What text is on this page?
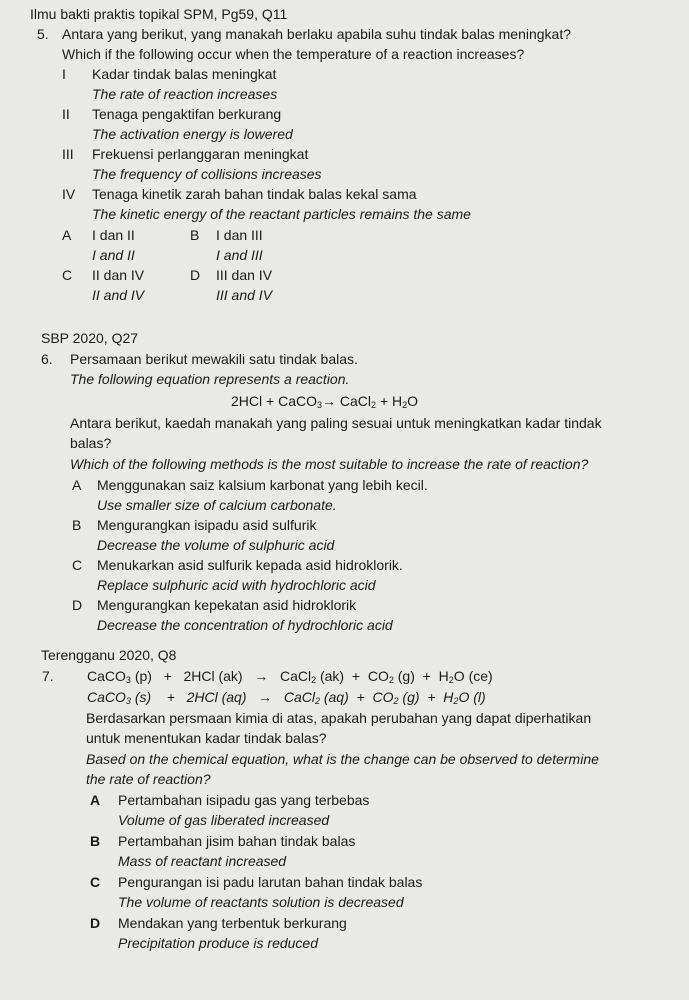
Ilmu bakti praktis topikal SPM, Pg59, Q11
5. Antara yang berikut, yang manakah berlaku apabila suhu tindak balas meningkat?
Which if the following occur when the temperature of a reaction increases?
I Kadar tindak balas meningkat
The rate of reaction increases
II Tenaga pengaktifan berkurang
The activation energy is lowered
III Frekuensi perlanggaran meningkat
The frequency of collisions increases
IV Tenaga kinetik zarah bahan tindak balas kekal sama
The kinetic energy of the reactant particles remains the same
A I dan II
I and II
B I dan III
I and III
C II dan IV
II and IV
D III dan IV
III and IV
SBP 2020, Q27
6. Persamaan berikut mewakili satu tindak balas.
The following equation represents a reaction.
2HCl + CaCO$_3$→ CaCl$_2$ + $H_2O$
Antara berikut, kaedah manakah yang paling sesuai untuk meningkatkan kadar tindak
balas?
Which of the following methods is the most suitable to increase the rate of reaction?
A Menggunakan saiz kalsium karbonat yang lebih kecil.
Use smaller size of calcium carbonate.
B Mengurangkan isipadu asid sulfurik
Decrease the volume of sulphuric acid
C Menukarkan asid sulfurik kepada asid hidroklorik.
Replace sulphuric acid with hydrochloric acid
D Mengurangkan kepekatan asid hidroklorik
Decrease the concentration of hydrochloric acid
Terengganu 2020, Q8
7. CaCO$_3$ (p) + 2HCl (ak) → CaCl$_2$ $(ak) + CO_2$ $(g) + H_2O$ (ce)
CaCO$_3$ (s) + 2HCl (aq) → CaCl$_2$ $(aq) + CO_2$ $(g) + H_2O$ (l)
Berdasarkan persmaan kimia di atas, apakah perubahan yang dapat diperhatikan
untuk menentukan kadar tindak balas?
Based on the chemical equation, what is the change can be observed to determine
the rate of reaction?
A Pertambahan isipadu gas yang terbebas
Volume of gas liberated increased
B Pertambahan jisim bahan tindak balas
Mass of reactant increased
C Pengurangan isi padu larutan bahan tindak balas
The volume of reactants solution is decreased
D Mendakan yang terbentuk berkurang
Precipitation produce is reduced
